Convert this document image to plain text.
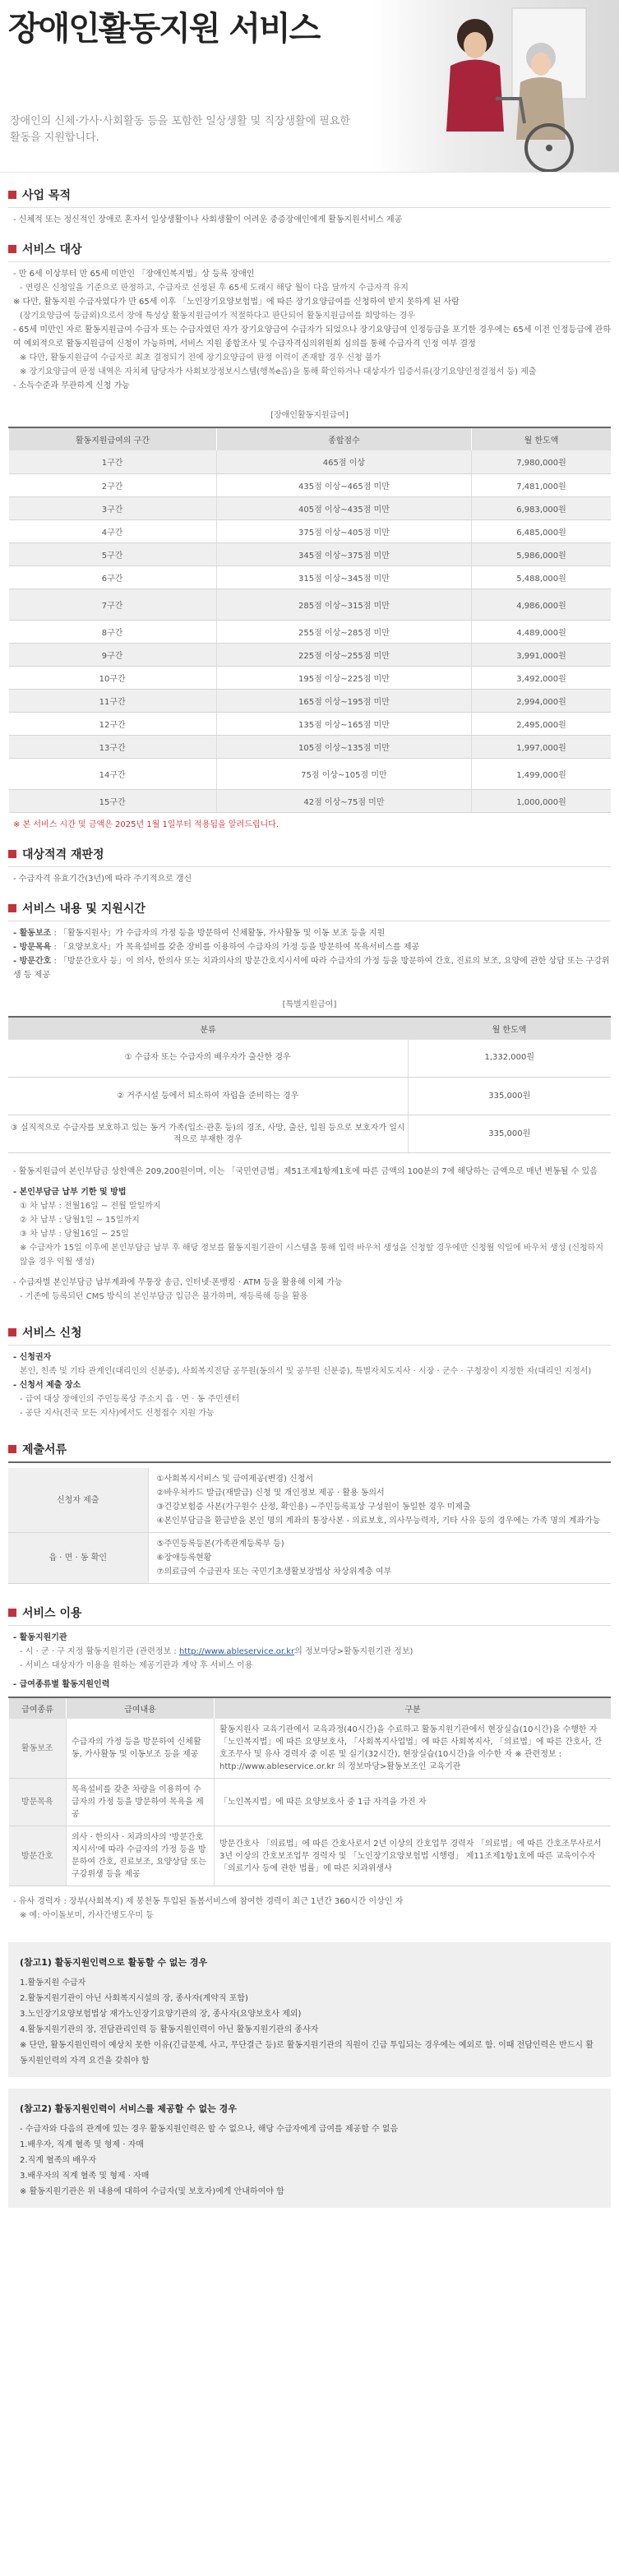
장애인활동지원 서비스

장애인의 신체·가사·사회활동 등을 포함한 일상생활 및 직장생활에 필요한 활동을 지원합니다.

사업 목적

- 신체적 또는 정신적인 장애로 혼자서 일상생활이나 사회생활이 어려운 중증장애인에게 활동지원서비스 제공

서비스 대상

- 만 6세 이상부터 만 65세 미만인 「장애인복지법」상 등록 장애인

- 연령은 신청일을 기준으로 판정하고, 수급자로 선정된 후 65세 도래시 해당 월이 다음 달까지 수급자격 유지

※ 다만, 활동지원 수급자였다가 만 65세 이후 「노인장기요양보험법」에 따른 장기요양급여를 신청하여 받지 못하게 된 사람

(장기요양급여 등급외)으로서 장애 특성상 활동지원급여가 적절하다고 판단되어 활동지원급여를 희망하는 경우

- 65세 미만인 자로 활동지원급여 수급자 또는 수급자였던 자가 장기요양급여 수급자가 되었으나 장기요양급여 인정등급을 포기한 경우에는 65세 이전 인정등급에 관하여 예외적으로 활동지원급여 신청이 가능하며, 서비스 지원 종합조사 및 수급자격심의위원회 심의를 통해 수급자격 인정 여부 결정

※ 다만, 활동지원급여 수급자로 최초 결정되기 전에 장기요양급여 판정 이력이 존재할 경우 신청 불가

※ 장기요양급여 판정 내역은 자치체 담당자가 사회보장정보시스템(행복e음)을 통해 확인하거나 대상자가 입증서류(장기요양인정결정서 등) 제출

- 소득수준과 무관하게 신청 가능

[장애인활동지원급여]

활동지원급여의 구간	종합점수	월 한도액
1구간	465점 이상	7,980,000원
2구간	435점 이상~465점 미만	7,481,000원
3구간	405점 이상~435점 미만	6,983,000원
4구간	375점 이상~405점 미만	6,485,000원
5구간	345점 이상~375점 미만	5,986,000원
6구간	315점 이상~345점 미만	5,488,000원
7구간	285점 이상~315점 미만	4,986,000원
8구간	255점 이상~285점 미만	4,489,000원
9구간	225점 이상~255점 미만	3,991,000원
10구간	195점 이상~225점 미만	3,492,000원
11구간	165점 이상~195점 미만	2,994,000원
12구간	135점 이상~165점 미만	2,495,000원
13구간	105점 이상~135점 미만	1,997,000원
14구간	75점 이상~105점 미만	1,499,000원
15구간	42점 이상~75점 미만	1,000,000원

※ 본 서비스 시간 및 금액은 2025년 1월 1일부터 적용됨을 알려드립니다.

대상적격 재판정

- 수급자격 유효기간(3년)에 따라 주기적으로 갱신

서비스 내용 및 지원시간

- 활동보조 : 「활동지원사」가 수급자의 가정 등을 방문하여 신체활동, 가사활동 및 이동 보조 등을 지원

- 방문목욕 : 「요양보호사」가 목욕설비를 갖춘 장비를 이용하여 수급자의 가정 등을 방문하여 목욕서비스를 제공

- 방문간호 : 「방문간호사 등」이 의사, 한의사 또는 치과의사의 방문간호지시서에 따라 수급자의 가정 등을 방문하여 간호, 진료의 보조, 요양에 관한 상담 또는 구강위생 등 제공

[특별지원급여]

분류	월 한도액
① 수급자 또는 수급자의 배우자가 출산한 경우	1,332,000원
② 거주시설 등에서 퇴소하여 자립을 준비하는 경우	335,000원
③ 실직적으로 수급자를 보호하고 있는 동거 가족(입소·관혼 등)의 경조, 사망, 출산, 입원 등으로 보호자가 일시적으로 부재한 경우	335,000원

- 활동지원급여 본인부담금 상한액은 209,200원이며, 이는 「국민연금법」제51조제1항제1호에 따른 금액의 100분의 7에 해당하는 금액으로 매년 변동될 수 있음

- 본인부담금 납부 기한 및 방법

① 차 납부 : 전월16일 ~ 전월 말일까지

② 차 납부 : 당월1일 ~ 15일까지

③ 차 납부 : 당월16일 ~ 25일

※ 수급자가 15일 이후에 본인부담금 납부 후 해당 정보를 활동지원기관이 시스템을 통해 입력 바우처 생성을 신청할 경우에만 신청월 익일에 바우처 생성 (신청하지 않을 경우 익월 생성)

- 수급자별 본인부담금 납부계좌에 무통장 송금, 인터넷·폰뱅킹 · ATM 등을 활용해 이체 가능

- 기존에 등록되던 CMS 방식의 본인부담금 입금은 불가하며, 재등록해 등을 활용

서비스 신청

- 신청권자

본인, 친족 및 기타 관계인(대리인의 신분증), 사회복지전담 공무원(동의서 및 공무원 신분증), 특별자치도지사 · 시장 · 군수 · 구청장이 지정한 자(대리인 지정서)

- 신청서 제출 장소

- 급여 대상 장애인의 주민등록상 주소지 읍 · 면 · 동 주민센터

- 공단 지사(전국 모든 지사)에서도 신청접수 지원 가능

제출서류
신청자 제출	①사회복지서비스 및 급여제공(변경) 신청서
②바우처카드 발급(재발급) 신청 및 개인정보 제공 · 활용 동의서
③건강보험증 사본(가구원수 산정, 확인용) ~주민등록표상 구성원이 동일한 경우 미제출
④본인부담금을 환급받을 본인 명의 계좌의 통장사본 - 의료보호, 의사무능력자, 기타 사유 등의 경우에는 가족 명의 계좌가능

읍 · 면 · 동 확인	⑤주민등록등본(가족관계등록부 등)
⑥장애등록현황
⑦의료급여 수급권자 또는 국민기초생활보장법상 차상위계층 여부
서비스 이용

- 활동지원기관

- 시 · 군 · 구 지정 활동지원기관 (관련정보 : http://www.ableservice.or.kr의 정보마당>활동지원기관 정보)

- 서비스 대상자가 이용을 원하는 제공기관과 계약 후 서비스 이용

- 급여종류별 활동지원인력

급여종류	급여내용	구분
활동보조	수급자의 가정 등을 방문하여 신체활동, 가사활동 및 이동보조 등을 제공	활동지원사 교육기관에서 교육과정(40시간)을 수료하고 활동지원기관에서 현장실습(10시간)을 수행한 자 「노인복지법」에 따른 요양보호사, 「사회복지사업법」에 따른 사회복지사, 「의료법」에 따른 간호사, 간호조무사 및 유사 경력자 중 이론 및 실기(32시간), 현장실습(10시간)을 이수한 자 ※ 관련정보 : http://www.ableservice.or.kr 의 정보마당>활동보조인 교육기관
방문목욕	목욕설비를 갖춘 차량을 이용하여 수급자의 가정 등을 방문하여 목욕을 제공	「노인복지법」에 따른 요양보호사 중 1급 자격을 가진 자
방문간호	의사 · 한의사 · 치과의사의 '방문간호지시서'에 따라 수급자의 가정 등을 방문하여 간호, 진료보조, 요양상담 또는 구강위생 등을 제공	방문간호사 「의료법」에 따른 간호사로서 2년 이상의 간호업무 경력자 「의료법」에 따른 간호조무사로서 3년 이상의 간호보조업무 경력자 및 「노인장기요양보험법 시행령」 제11조제1항1호에 따른 교육이수자 「의료기사 등에 관한 법률」에 따른 치과위생사

- 유사 경력자 : 장부(사회복지) 제 봉천동 투입된 돌봄서비스에 참여한 경력이 최근 1년간 360시간 이상인 자

※ 예: 아이돌보미, 가사간병도우미 등

(참고1) 활동지원인력으로 활동할 수 없는 경우

1.활동지원 수급자

2.활동지원기관이 아닌 사회복지시설의 장, 종사자(계약직 포함)

3.노인장기요양보험법상 재가노인장기요양기관의 장, 종사자(요양보호사 제외)

4.활동지원기관의 장, 전담관리인력 등 활동지원인력이 아닌 활동지원기관의 종사자

※ 단만, 활동지원인력이 예상치 못한 이유(긴급문제, 사고, 무단결근 등)로 활동지원기관의 직원이 긴급 투입되는 경우에는 예외로 함. 이때 전담인력은 반드시 활동지원인력의 자격 요건을 갖춰야 함

(참고2) 활동지원인력이 서비스를 제공할 수 없는 경우

- 수급자와 다음의 관계에 있는 경우 활동지원인력은 할 수 없으나, 해당 수급자에게 급여를 제공할 수 없음

1.배우자, 직계 혈족 및 형제 · 자매

2.직계 혈족의 배우자

3.배우자의 직계 혈족 및 형제 · 자매

※ 활동지원기관은 위 내용에 대하여 수급자(및 보호자)에게 안내하여야 함
